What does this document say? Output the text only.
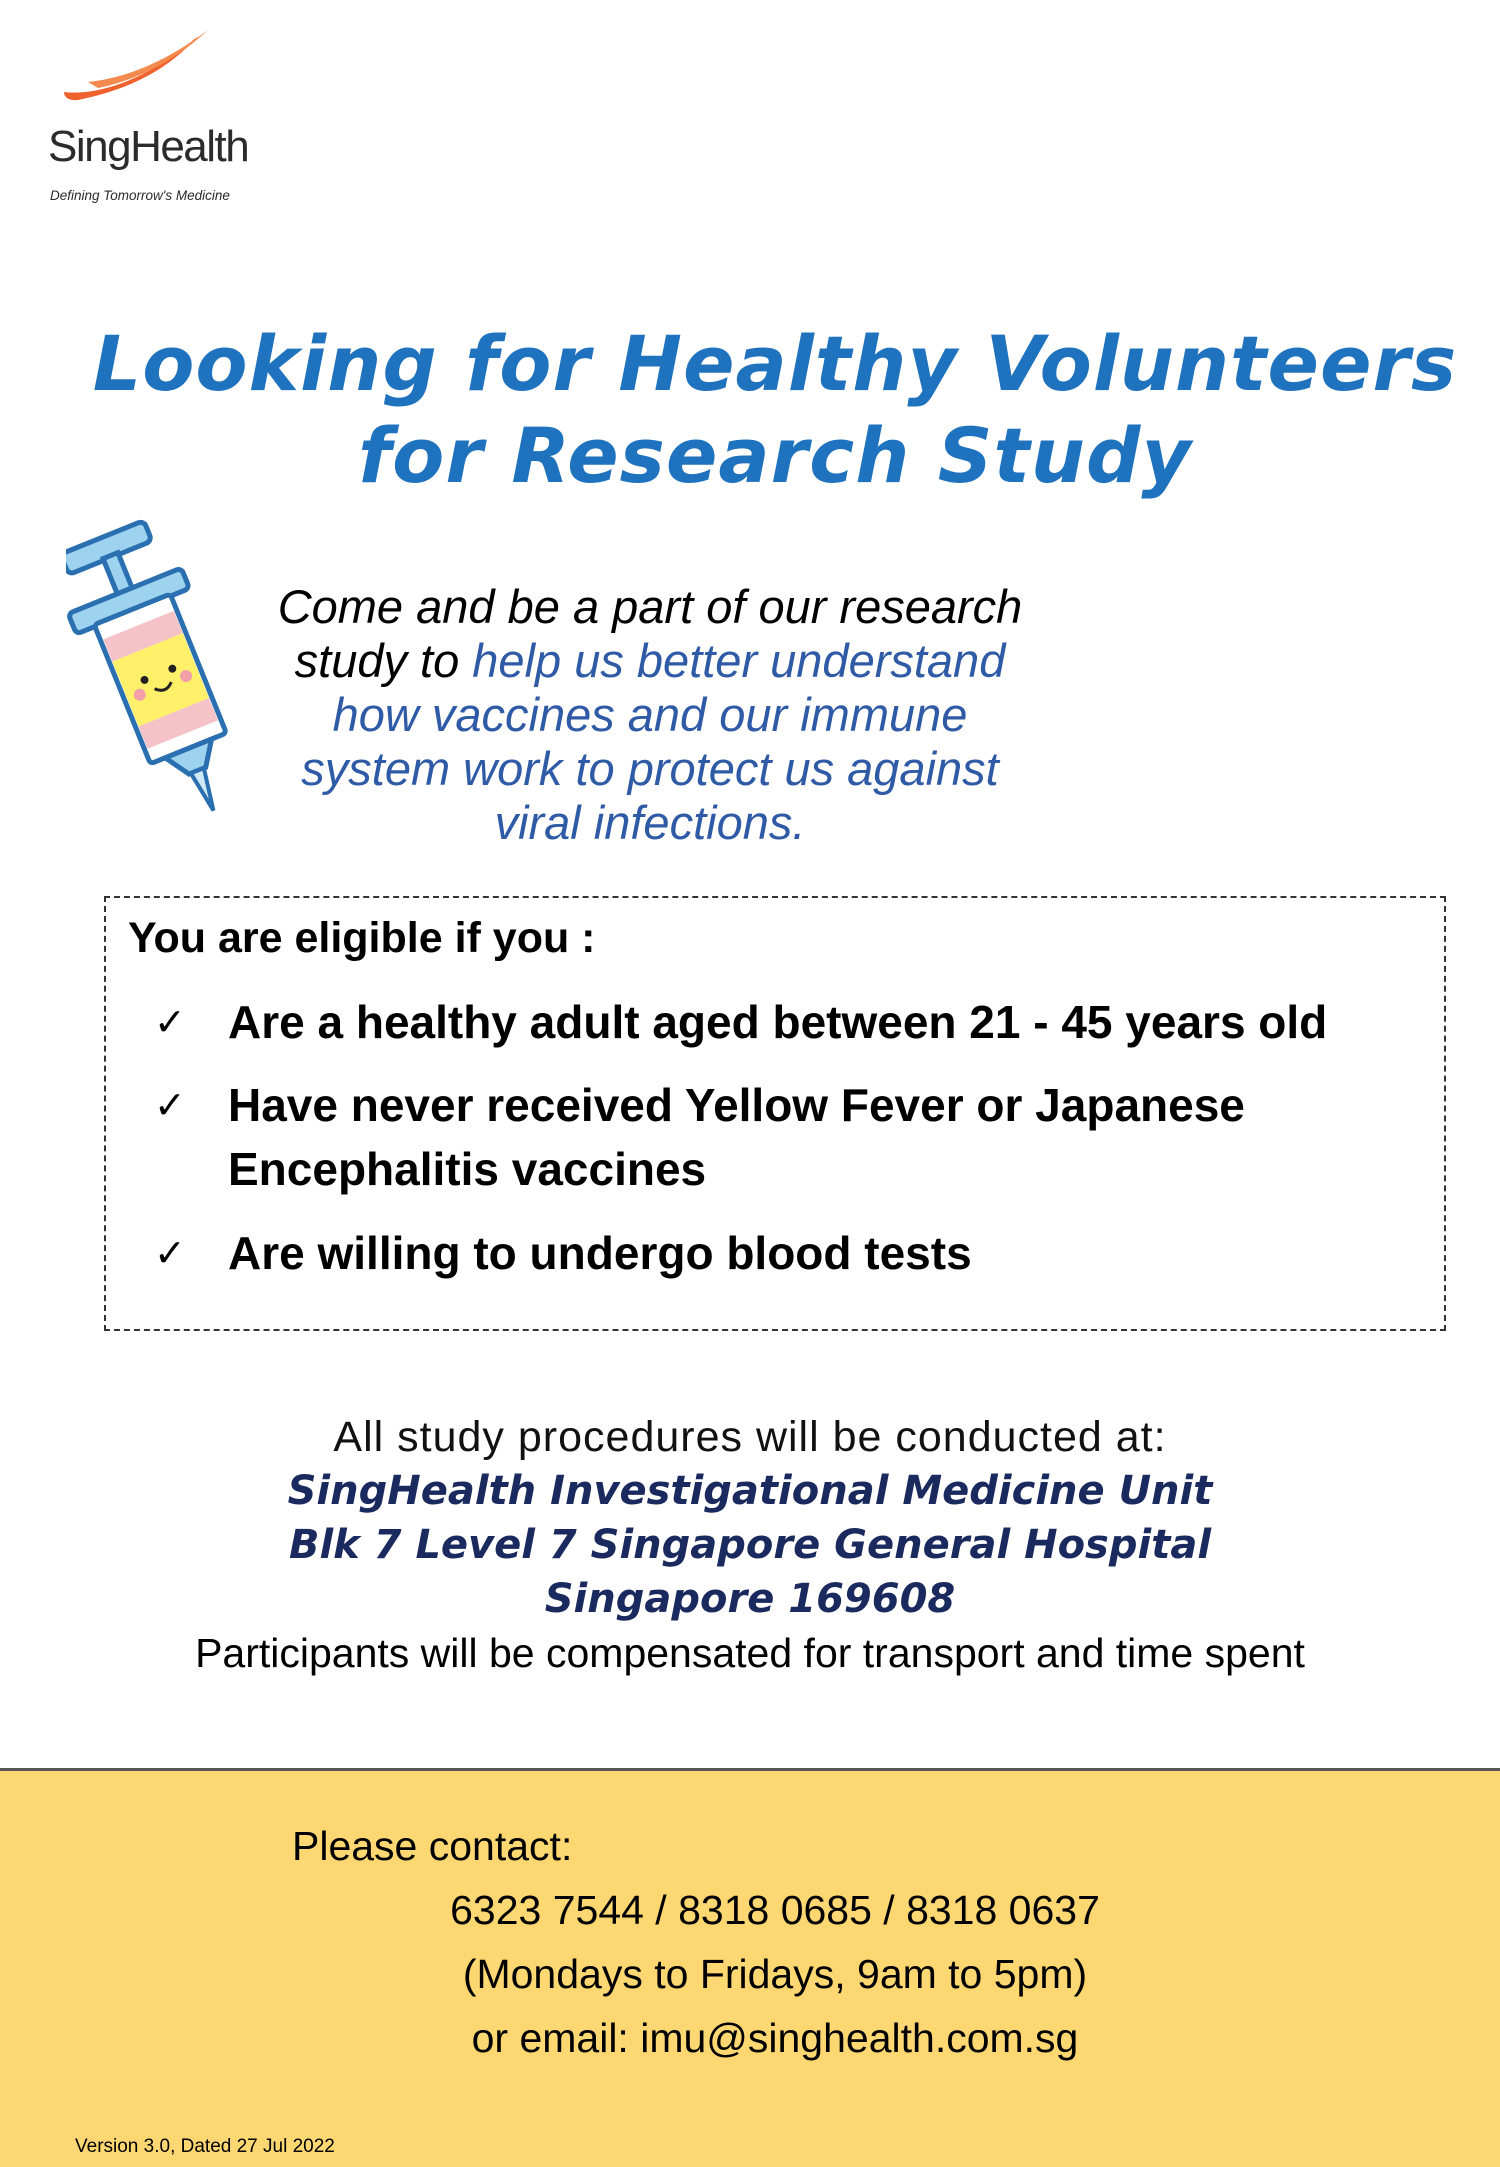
SingHealth
Defining Tomorrow's Medicine
Looking for Healthy Volunteers
for Research Study
Come and be a part of our research study to help us better understand how vaccines and our immune system work to protect us against viral infections.
You are eligible if you :
✓ Are a healthy adult aged between 21 - 45 years old
✓ Have never received Yellow Fever or Japanese Encephalitis vaccines
✓ Are willing to undergo blood tests
All study procedures will be conducted at:
SingHealth Investigational Medicine Unit
Blk 7 Level 7 Singapore General Hospital
Singapore 169608
Participants will be compensated for transport and time spent
Please contact:
6323 7544 / 8318 0685 / 8318 0637
(Mondays to Fridays, 9am to 5pm)
or email: imu@singhealth.com.sg
Version 3.0, Dated 27 Jul 2022
